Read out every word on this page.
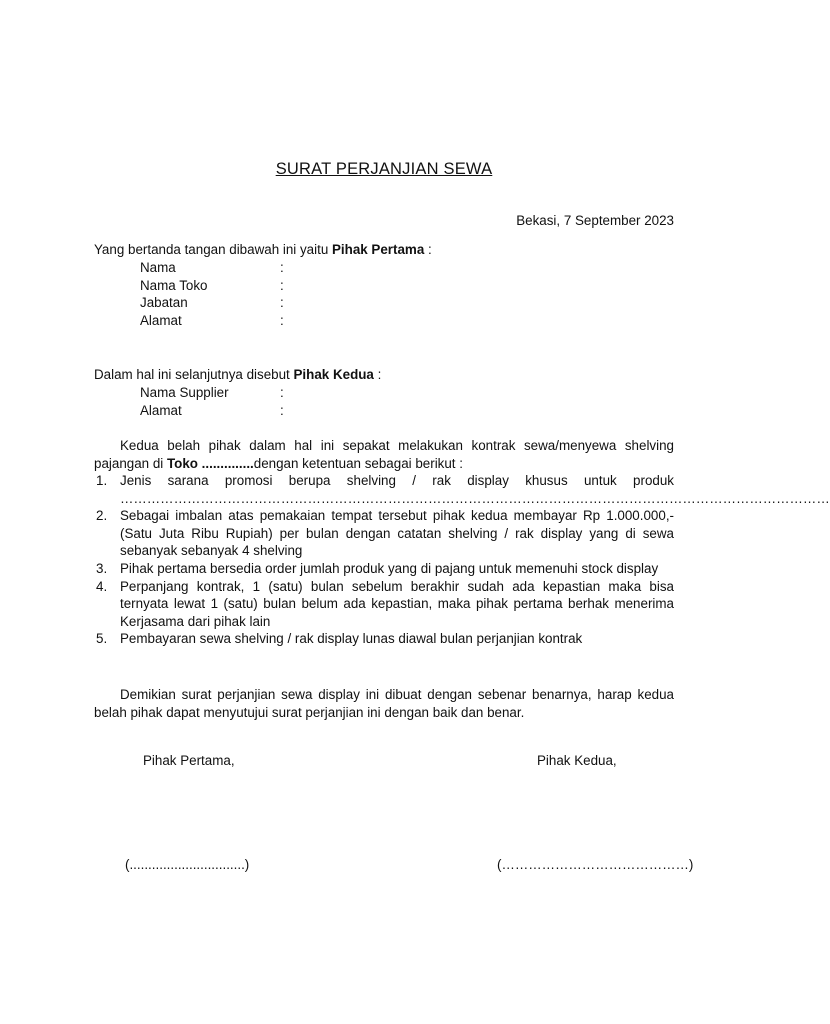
SURAT PERJANJIAN SEWA
Bekasi, 7 September 2023
Yang bertanda tangan dibawah ini yaitu Pihak Pertama :
Nama	:
Nama Toko	:
Jabatan	:
Alamat	:
Dalam hal ini selanjutnya disebut Pihak Kedua :
Nama Supplier	:
Alamat	:
Kedua belah pihak dalam hal ini sepakat melakukan kontrak sewa/menyewa shelving
pajangan di Toko ..............dengan ketentuan sebagai berikut :
1. Jenis sarana promosi berupa shelving / rak display khusus untuk produk
……………………………………………………………………………………………………………………………………………
2. Sebagai imbalan atas pemakaian tempat tersebut pihak kedua membayar Rp 1.000.000,- (Satu Juta Ribu Rupiah) per bulan dengan catatan shelving / rak display yang di sewa sebanyak sebanyak 4 shelving
3. Pihak pertama bersedia order jumlah produk yang di pajang untuk memenuhi stock display
4. Perpanjang kontrak, 1 (satu) bulan sebelum berakhir sudah ada kepastian maka bisa ternyata lewat 1 (satu) bulan belum ada kepastian, maka pihak pertama berhak menerima Kerjasama dari pihak lain
5. Pembayaran sewa shelving / rak display lunas diawal bulan perjanjian kontrak
Demikian surat perjanjian sewa display ini dibuat dengan sebenar benarnya, harap kedua belah pihak dapat menyutujui surat perjanjian ini dengan baik dan benar.
Pihak Pertama,	Pihak Kedua,
(...............................)	(……………………………………)
